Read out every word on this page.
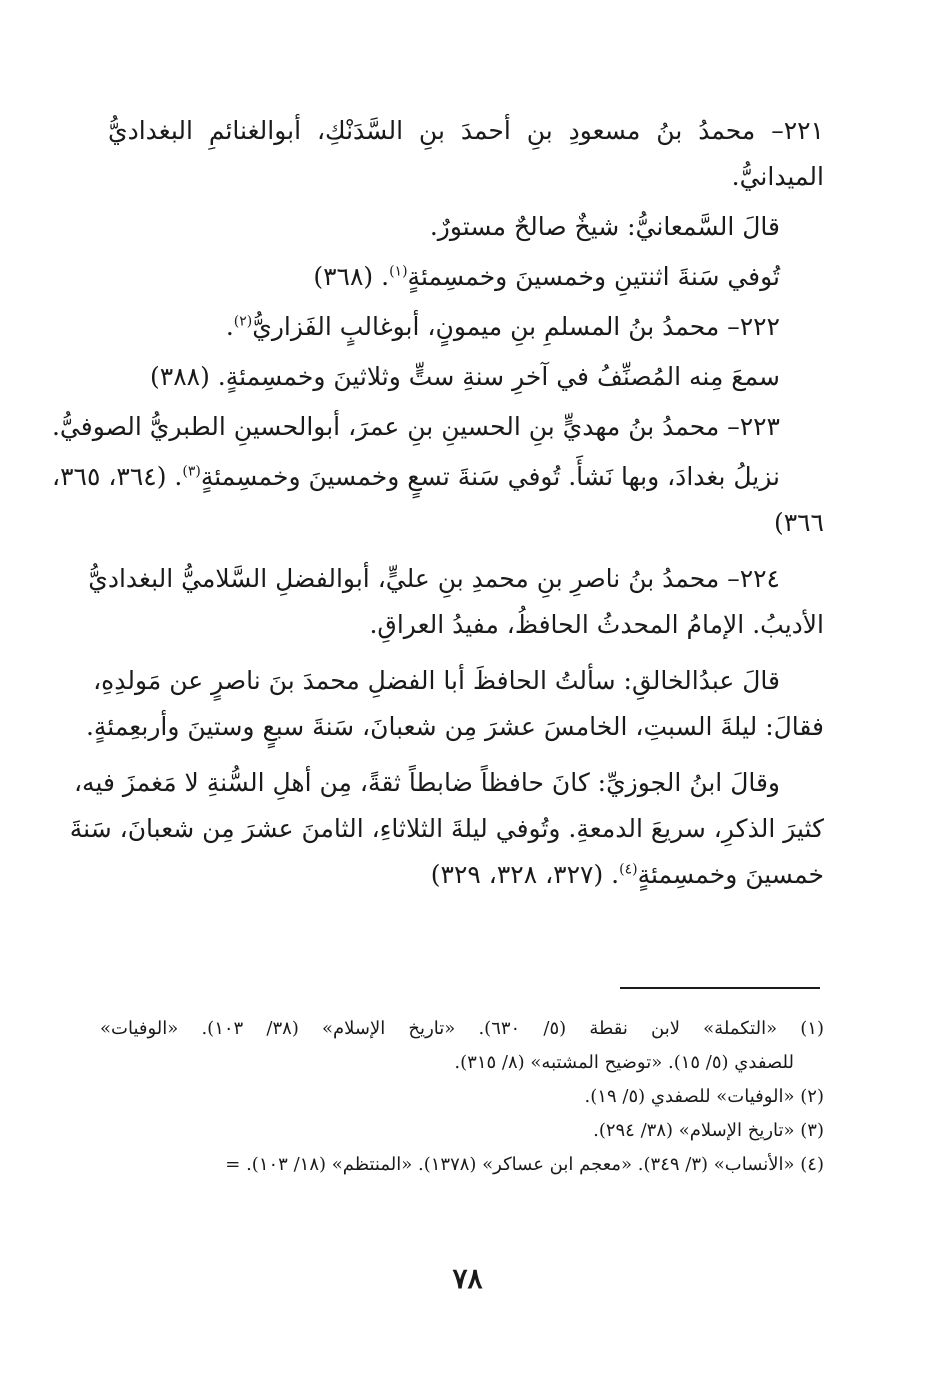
٢٢١– محمدُ بنُ مسعودِ بنِ أحمدَ بنِ السَّدَنْكِ، أبوالغنائمِ البغداديُّ
الميدانيُّ.
قالَ السَّمعانيُّ: شيخٌ صالحٌ مستورٌ.
تُوفي سَنةَ اثنتينِ وخمسينَ وخمسِمئةٍ$^{(١)}$. (٣٦٨)
٢٢٢– محمدُ بنُ المسلمِ بنِ ميمونٍ، أبوغالبٍ الفَزاريُّ$^{(٢)}$.
سمعَ مِنه المُصنِّفُ في آخرِ سنةِ ستٍّ وثلاثينَ وخمسِمئةٍ. (٣٨٨)
٢٢٣– محمدُ بنُ مهديٍّ بنِ الحسينِ بنِ عمرَ، أبوالحسينِ الطبريُّ الصوفيُّ.
نزيلُ بغدادَ، وبها نَشأَ. تُوفي سَنةَ تسعٍ وخمسينَ وخمسِمئةٍ$^{(٣)}$. (٣٦٤، ٣٦٥،
٣٦٦)
٢٢٤– محمدُ بنُ ناصرِ بنِ محمدِ بنِ عليٍّ، أبوالفضلِ السَّلاميُّ البغداديُّ
الأديبُ. الإمامُ المحدثُ الحافظُ، مفيدُ العراقِ.
قالَ عبدُالخالقِ: سألتُ الحافظَ أبا الفضلِ محمدَ بنَ ناصرٍ عن مَولدِهِ،
فقالَ: ليلةَ السبتِ، الخامسَ عشرَ مِن شعبانَ، سَنةَ سبعٍ وستينَ وأربعِمئةٍ.
وقالَ ابنُ الجوزيِّ: كانَ حافظاً ضابطاً ثقةً، مِن أهلِ السُّنةِ لا مَغمزَ فيه،
كثيرَ الذكرِ، سريعَ الدمعةِ. وتُوفي ليلةَ الثلاثاءِ، الثامنَ عشرَ مِن شعبانَ، سَنةَ
خمسينَ وخمسِمئةٍ$^{(٤)}$. (٣٢٧، ٣٢٨، ٣٢٩)
(١) «التكملة» لابن نقطة (٥/ ٦٣٠). «تاريخ الإسلام» (٣٨/ ١٠٣). «الوفيات»
للصفدي (٥/ ١٥). «توضيح المشتبه» (٨/ ٣١٥).
(٢) «الوفيات» للصفدي (٥/ ١٩).
(٣) «تاريخ الإسلام» (٣٨/ ٢٩٤).
(٤) «الأنساب» (٣/ ٣٤٩). «معجم ابن عساكر» (١٣٧٨). «المنتظم» (١٨/ ١٠٣). =
٧٨
